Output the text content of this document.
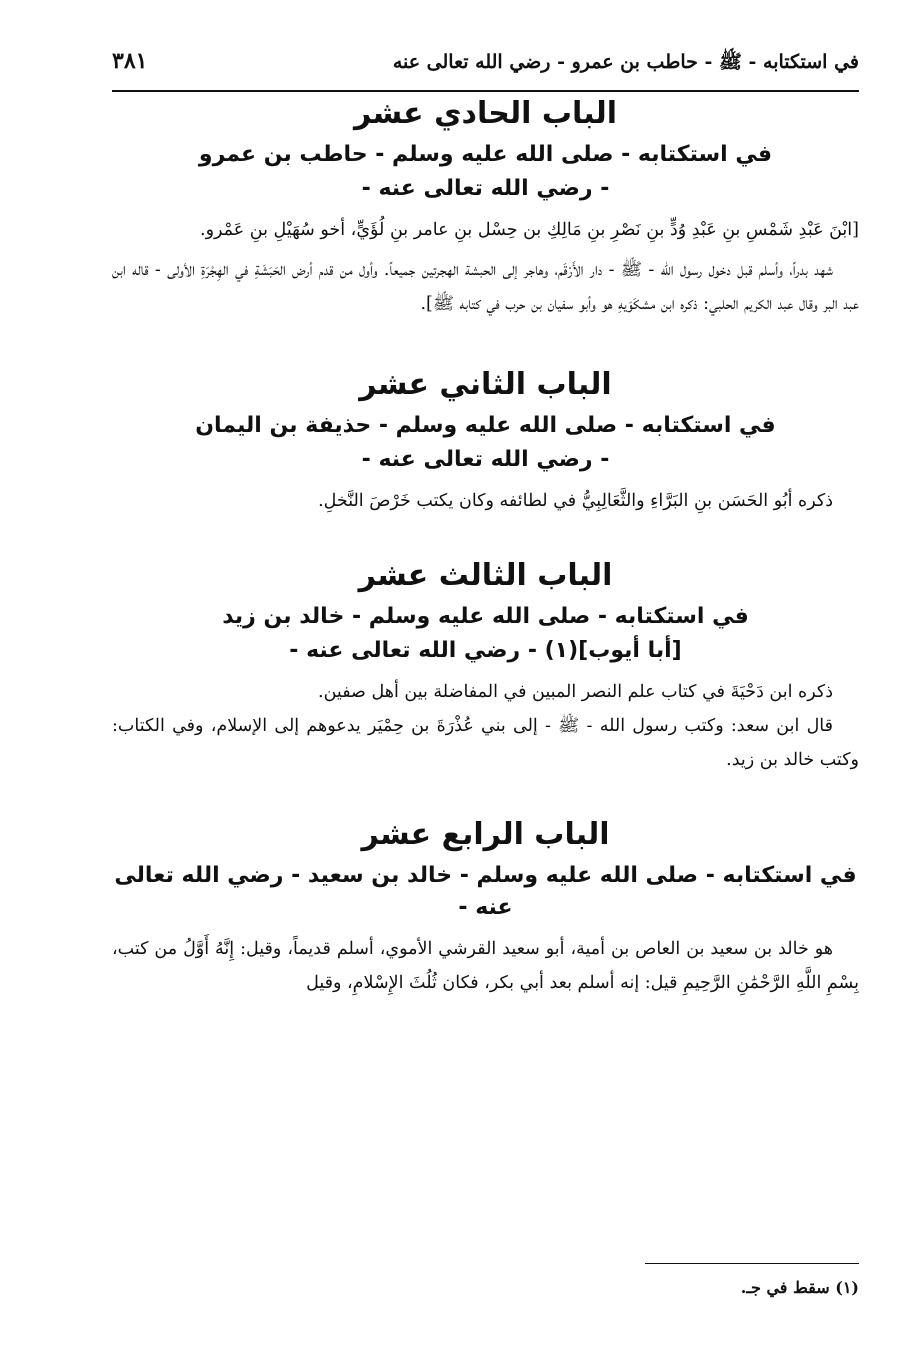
في استكتابه - ﷺ - حاطب بن عمرو - رضي الله تعالى عنه
٣٨١
الباب الحادي عشر
في استكتابه - صلى الله عليه وسلم - حاطب بن عمرو
- رضي الله تعالى عنه -

[ابْنَ عَبْدِ شَمْسِ بنِ عَبْدِ وُدٍّ بنِ نَصْرِ بنِ مَالِكِ بن حِسْل بنِ عامر بنِ لُؤَيٍّ، أخو سُهَيْلِ بنِ عَمْرو.

شهد بدراً، وأسلم قبل دخول رسول الله - ﷺ - دار الأَرْقَم، وهاجر إلى الحبشة الهجرتين جميعاً. وأول من قدم أرض الحَبَشَةِ في الهِجْرَةِ الأولى - قاله ابن عبد البر وقال عبد الكريم الحلبي: ذكره ابن مشكَوَيهِ هو وأبو سفيان بن حرب في كتابه ﷺ].

الباب الثاني عشر
في استكتابه - صلى الله عليه وسلم - حذيفة بن اليمان
- رضي الله تعالى عنه -

ذكره أبُو الحَسَن بنِ البَرَّاءِ والثَّعَالِبِيُّ في لطائفه وكان يكتب خَرْصَ النَّخلِ.

الباب الثالث عشر
في استكتابه - صلى الله عليه وسلم - خالد بن زيد
[أبا أيوب](١) - رضي الله تعالى عنه -

ذكره ابن دَحْيَةَ في كتاب علم النصر المبين في المفاضلة بين أهل صفين.

قال ابن سعد: وكتب رسول الله - ﷺ - إلى بني عُذْرَةَ بن حِمْيَر يدعوهم إلى الإسلام، وفي الكتاب: وكتب خالد بن زيد.

الباب الرابع عشر
في استكتابه - صلى الله عليه وسلم - خالد بن سعيد - رضي الله تعالى عنه -

هو خالد بن سعيد بن العاص بن أمية، أبو سعيد القرشي الأموي، أسلم قديماً، وقيل: إِنَّهُ أَوَّلُ من كتب، بِسْمِ اللَّهِ الرَّحْمَٰنِ الرَّحِيمِ قيل: إنه أسلم بعد أبي بكر، فكان ثُلُثَ الإِسْلامِ، وقيل

(١) سقط في جـ.
